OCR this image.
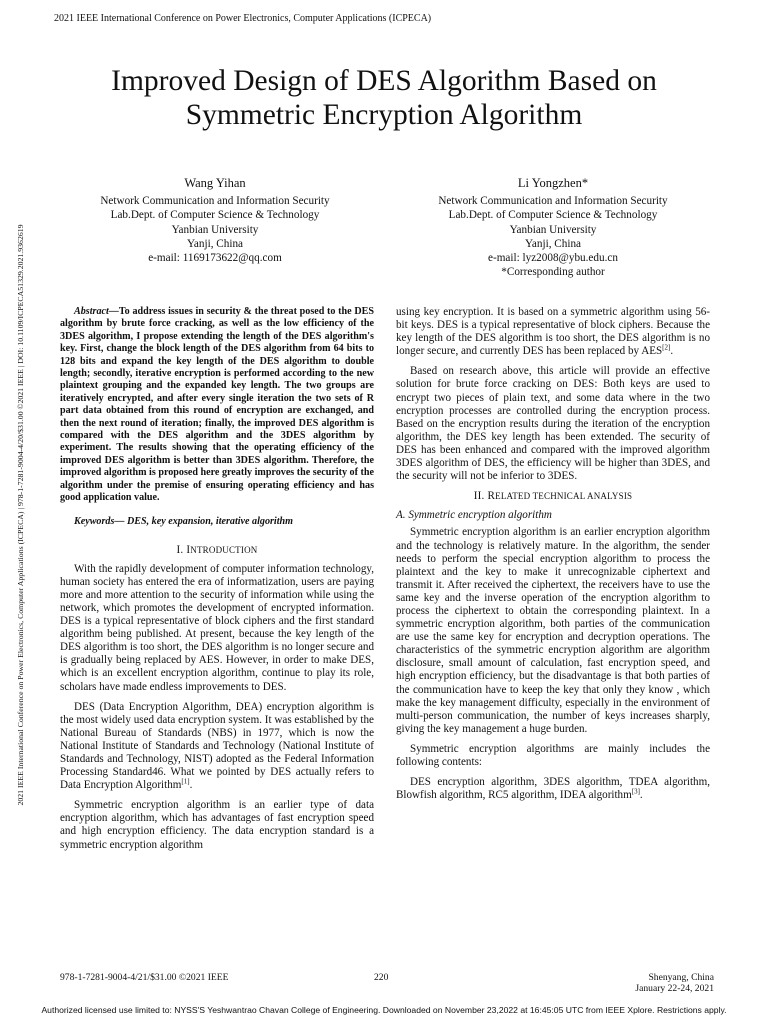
2021 IEEE International Conference on Power Electronics, Computer Applications (ICPECA)
2021 IEEE International Conference on Power Electronics, Computer Applications (ICPECA) | 978-1-7281-9004-4/20/$31.00 ©2021 IEEE | DOI: 10.1109/ICPECA51329.2021.9362619
Improved Design of DES Algorithm Based on
Symmetric Encryption Algorithm
Wang Yihan
Network Communication and Information Security
Lab.Dept. of Computer Science & Technology
Yanbian University
Yanji, China
e-mail: 1169173622@qq.com
Li Yongzhen*
Network Communication and Information Security
Lab.Dept. of Computer Science & Technology
Yanbian University
Yanji, China
e-mail: lyz2008@ybu.edu.cn
*Corresponding author

Abstract—To address issues in security & the threat posed to the DES algorithm by brute force cracking, as well as the low efficiency of the 3DES algorithm, I propose extending the length of the DES algorithm's key. First, change the block length of the DES algorithm from 64 bits to 128 bits and expand the key length of the DES algorithm to double length; secondly, iterative encryption is performed according to the new plaintext grouping and the expanded key length. The two groups are iteratively encrypted, and after every single iteration the two sets of R part data obtained from this round of encryption are exchanged, and then the next round of iteration; finally, the improved DES algorithm is compared with the DES algorithm and the 3DES algorithm by experiment. The results showing that the operating efficiency of the improved DES algorithm is better than 3DES algorithm. Therefore, the improved algorithm is proposed here greatly improves the security of the algorithm under the premise of ensuring operating efficiency and has good application value.

Keywords— DES, key expansion, iterative algorithm
I. INTRODUCTION

With the rapidly development of computer information technology, human society has entered the era of informatization, users are paying more and more attention to the security of information while using the network, which promotes the development of encrypted information. DES is a typical representative of block ciphers and the first standard algorithm being published. At present, because the key length of the DES algorithm is too short, the DES algorithm is no longer secure and is gradually being replaced by AES. However, in order to make DES, which is an excellent encryption algorithm, continue to play its role, scholars have made endless improvements to DES.

DES (Data Encryption Algorithm, DEA) encryption algorithm is the most widely used data encryption system. It was established by the National Bureau of Standards (NBS) in 1977, which is now the National Institute of Standards and Technology (National Institute of Standards and Technology, NIST) adopted as the Federal Information Processing Standard46. What we pointed by DES actually refers to Data Encryption Algorithm[1].

Symmetric encryption algorithm is an earlier type of data encryption algorithm, which has advantages of fast encryption speed and high encryption efficiency. The data encryption standard is a symmetric encryption algorithm

using key encryption. It is based on a symmetric algorithm using 56-bit keys. DES is a typical representative of block ciphers. Because the key length of the DES algorithm is too short, the DES algorithm is no longer secure, and currently DES has been replaced by AES[2].

Based on research above, this article will provide an effective solution for brute force cracking on DES: Both keys are used to encrypt two pieces of plain text, and some data where in the two encryption processes are controlled during the encryption process. Based on the encryption results during the iteration of the encryption algorithm, the DES key length has been extended. The security of DES has been enhanced and compared with the improved algorithm 3DES algorithm of DES, the efficiency will be higher than 3DES, and the security will not be inferior to 3DES.

II. RELATED TECHNICAL ANALYSIS
A. Symmetric encryption algorithm

Symmetric encryption algorithm is an earlier encryption algorithm and the technology is relatively mature. In the algorithm, the sender needs to perform the special encryption algorithm to process the plaintext and the key to make it unrecognizable ciphertext and transmit it. After received the ciphertext, the receivers have to use the same key and the inverse operation of the encryption algorithm to process the ciphertext to obtain the corresponding plaintext. In a symmetric encryption algorithm, both parties of the communication are use the same key for encryption and decryption operations. The characteristics of the symmetric encryption algorithm are algorithm disclosure, small amount of calculation, fast encryption speed, and high encryption efficiency, but the disadvantage is that both parties of the communication have to keep the key that only they know , which make the key management difficulty, especially in the environment of multi-person communication, the number of keys increases sharply, giving the key management a huge burden.

Symmetric encryption algorithms are mainly includes the following contents:

DES encryption algorithm, 3DES algorithm, TDEA algorithm, Blowfish algorithm, RC5 algorithm, IDEA algorithm[3].

978-1-7281-9004-4/21/$31.00 ©2021 IEEE	220	Shenyang, China
January 22-24, 2021
Authorized licensed use limited to: NYSS'S Yeshwantrao Chavan College of Engineering. Downloaded on November 23,2022 at 16:45:05 UTC from IEEE Xplore. Restrictions apply.
